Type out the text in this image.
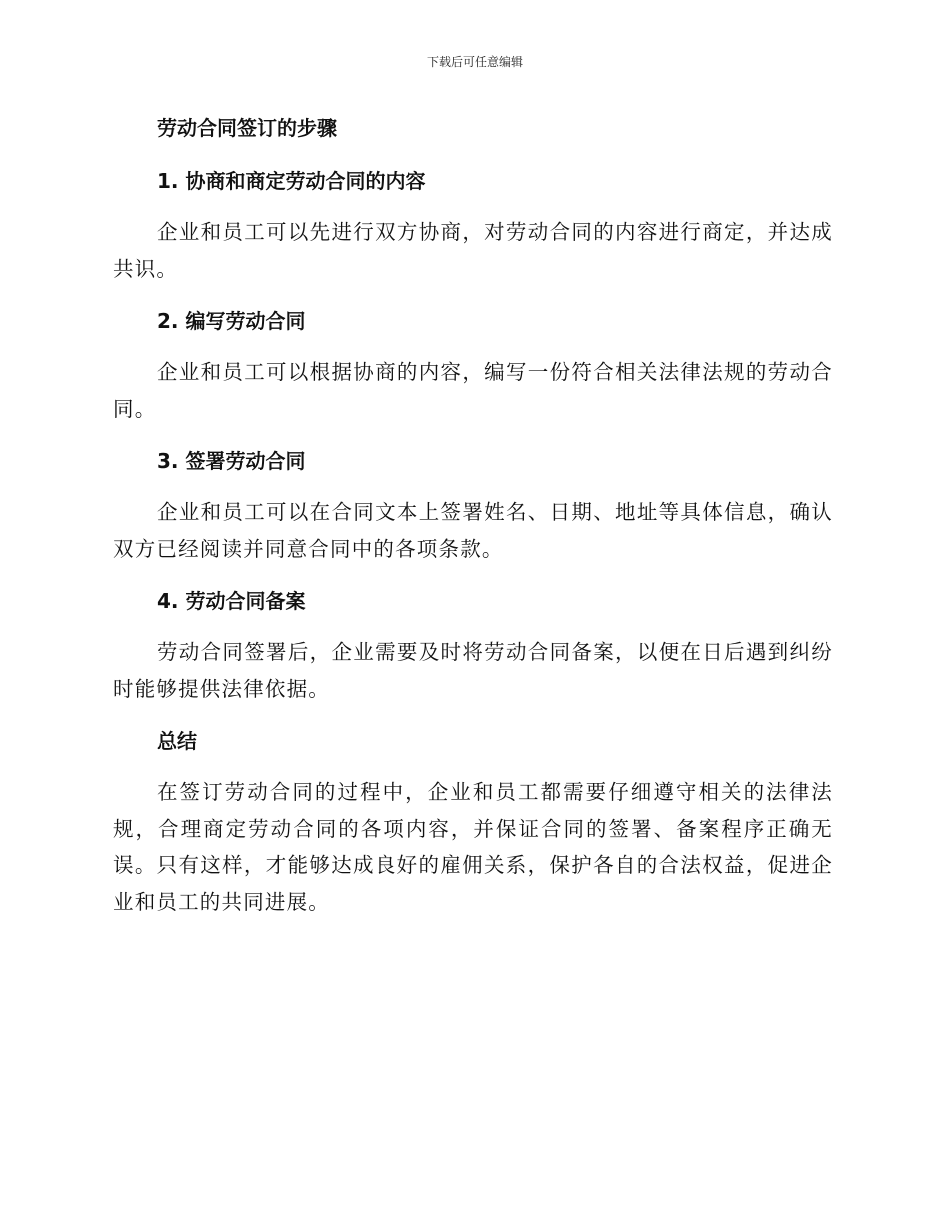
下载后可任意编辑
劳动合同签订的步骤
1. 协商和商定劳动合同的内容
企业和员工可以先进行双方协商，对劳动合同的内容进行商定，并达成共识。
2. 编写劳动合同
企业和员工可以根据协商的内容，编写一份符合相关法律法规的劳动合同。
3. 签署劳动合同
企业和员工可以在合同文本上签署姓名、日期、地址等具体信息，确认双方已经阅读并同意合同中的各项条款。
4. 劳动合同备案
劳动合同签署后，企业需要及时将劳动合同备案，以便在日后遇到纠纷时能够提供法律依据。
总结
在签订劳动合同的过程中，企业和员工都需要仔细遵守相关的法律法规，合理商定劳动合同的各项内容，并保证合同的签署、备案程序正确无误。只有这样，才能够达成良好的雇佣关系，保护各自的合法权益，促进企业和员工的共同进展。
